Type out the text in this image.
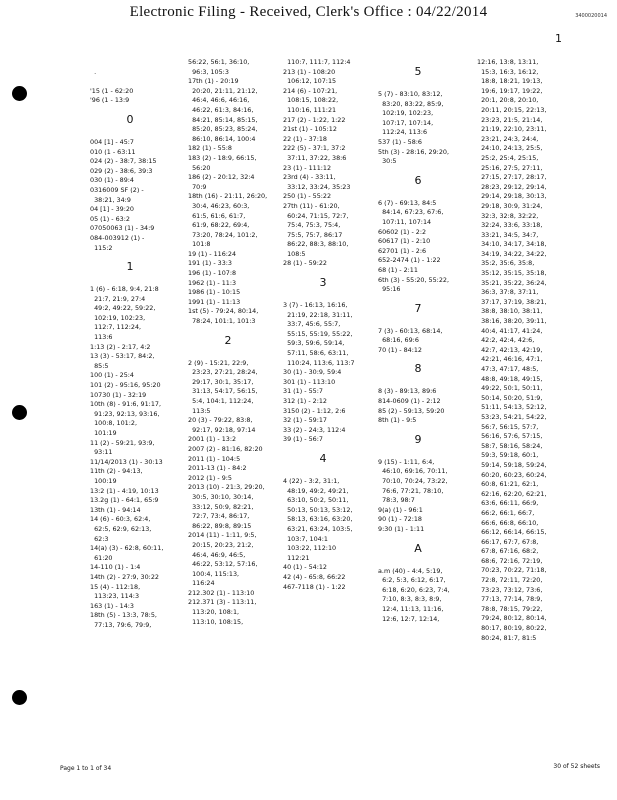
Electronic Filing - Received, Clerk's Office : 04/22/2014	3400020014
1
.
'15 (1 - 62:20
'96 (1 - 13:9
0
004 [1] - 45:7
010 (1 - 63:11
024 (2) - 38:7, 38:15
029 (2) - 38:6, 39:3
030 (1) - 89:4
0316009 SF (2) -
38:21, 34:9
04 [1] - 39:20
05 (1) - 63:2
07050063 (1) - 34:9
084-003912 (1) -
115:2
1
1 (6) - 6:18, 9:4, 21:8
21:7, 21:9, 27:4
49:2, 49:22, 59:22,
102:19, 102:23,
112:7, 112:24,
113:6
1:13 (2) - 2:17, 4:2
13 (3) - 53:17, 84:2,
85:5
100 (1) - 25:4
101 (2) - 95:16, 95:20
10730 (1) - 32:19
10th (8) - 91:6, 91:17,
91:23, 92:13, 93:16,
100:8, 101:2,
101:19
11 (2) - 59:21, 93:9,
93:11
11/14/2013 (1) - 30:13
11th (2) - 94:13,
100:19
13:2 (1) - 4:19, 10:13
13.2g (1) - 64:1, 65:9
13th (1) - 94:14
14 (6) - 60:3, 62:4,
62:5, 62:9, 62:13,
62:3
14(a) (3) - 62:8, 60:11,
61:20
14-110 (1) - 1:4
14th (2) - 27:9, 30:22
15 (4) - 112:18,
113:23, 114:3
163 (1) - 14:3
18th (5) - 13:3, 78:5,
77:13, 79:6, 79:9,
56:22, 56:1, 36:10,
96:3, 105:3
17th (1) - 20:19
20:20, 21:11, 21:12,
46:4, 46:6, 46:16,
46:22, 61:3, 84:16,
84:21, 85:14, 85:15,
85:20, 85:23, 85:24,
86:10, 86:14, 100:4
182 (1) - 55:8
183 (2) - 18:9, 66:15,
56:20
186 (2) - 20:12, 32:4
70:9
18th (16) - 21:11, 26:20,
30:4, 46:23, 60:3,
61:5, 61:6, 61:7,
61:9, 68:22, 69:4,
73:20, 78:24, 101:2,
101:8
19 (1) - 116:24
191 (1) - 33:3
196 (1) - 107:8
1962 (1) - 11:3
1986 (1) - 10:15
1991 (1) - 11:13
1st (5) - 79:24, 80:14,
78:24, 101:1, 101:3
2
2 (9) - 15:21, 22:9,
23:23, 27:21, 28:24,
29:17, 30:1, 35:17,
31:13, 54:17, 56:15,
5:4, 104:1, 112:24,
113:5
20 (3) - 79:22, 83:8,
92:17, 92:18, 97:14
2001 (1) - 13:2
2007 (2) - 81:16, 82:20
2011 (1) - 104:5
2011-13 (1) - 84:2
2012 (1) - 9:5
2013 (10) - 21:3, 29:20,
30:5, 30:10, 30:14,
33:12, 50:9, 82:21,
72:7, 73:4, 86:17,
86:22, 89:8, 89:15
2014 (11) - 1:11, 9:5,
20:15, 20:23, 21:2,
46:4, 46:9, 46:5,
46:22, 53:12, 57:16,
100:4, 115:13,
116:24
212.302 (1) - 113:10
212.371 (3) - 113:11,
113:20, 108:1,
113:10, 108:15,
110:7, 111:7, 112:4
213 (1) - 108:20
106:12, 107:15
214 (6) - 107:21,
108:15, 108:22,
110:16, 111:21
217 (2) - 1:22, 1:22
21st (1) - 105:12
22 (1) - 37:18
222 (5) - 37:1, 37:2
37:11, 37:22, 38:6
23 (1) - 111:12
23rd (4) - 33:11,
33:12, 33:24, 35:23
250 (1) - 55:22
27th (11) - 61:20,
60:24, 71:15, 72:7,
75:4, 75:3, 75:4,
75:5, 75:7, 86:17
86:22, 88:3, 88:10,
108:5
28 (1) - 59:22
3
3 (7) - 16:13, 16:16,
21:19, 22:18, 31:11,
33:7, 45:6, 55:7,
55:15, 55:19, 55:22,
59:3, 59:6, 59:14,
57:11, 58:6, 63:11,
110:24, 113:6, 113:7
30 (1) - 30:9, 59:4
301 (1) - 113:10
31 (1) - 55:7
312 (1) - 2:12
3150 (2) - 1:12, 2:6
32 (1) - 59:17
33 (2) - 24:3, 112:4
39 (1) - 56:7
4
4 (22) - 3:2, 31:1,
48:19, 49:2, 49:21,
63:10, 50:2, 50:11,
50:13, 50:13, 53:12,
58:13, 63:16, 63:20,
63:21, 63:24, 103:5,
103:7, 104:1
103:22, 112:10
112:21
40 (1) - 54:12
42 (4) - 65:8, 66:22
467-7118 (1) - 1:22
5
5 (7) - 83:10, 83:12,
83:20, 83:22, 85:9,
102:19, 102:23,
107:17, 107:14,
112:24, 113:6
537 (1) - 58:6
5th (3) - 28:16, 29:20,
30:5
6
6 (7) - 69:13, 84:5
84:14, 67:23, 67:6,
107:11, 107:14
60602 (1) - 2:2
60617 (1) - 2:10
62701 (1) - 2:6
652-2474 (1) - 1:22
68 (1) - 2:11
6th (3) - 55:20, 55:22,
95:16
7
7 (3) - 60:13, 68:14,
68:16, 69:6
70 (1) - 84:12
8
8 (3) - 89:13, 89:6
814-0609 (1) - 2:12
85 (2) - 59:13, 59:20
8th (1) - 9:5
9
9 (15) - 1:11, 6:4,
46:10, 69:16, 70:11,
70:10, 70:24, 73:22,
76:6, 77:21, 78:10,
78:3, 98:7
9(a) (1) - 96:1
90 (1) - 72:18
9:30 (1) - 1:11
A
a.m (40) - 4:4, 5:19,
6:2, 5:3, 6:12, 6:17,
6:18, 6:20, 6:23, 7:4,
7:10, 8:3, 8:3, 8:9,
12:4, 11:13, 11:16,
12:6, 12:7, 12:14,
12:16, 13:8, 13:11,
15:3, 16:3, 16:12,
18:8, 18:21, 19:13,
19:6, 19:17, 19:22,
20:1, 20:8, 20:10,
20:11, 20:15, 22:13,
23:23, 21:5, 21:14,
21:19, 22:10, 23:11,
23:21, 24:3, 24:4,
24:10, 24:13, 25:5,
25:2, 25:4, 25:15,
25:16, 27:5, 27:11,
27:15, 27:17, 28:17,
28:23, 29:12, 29:14,
29:14, 29:18, 30:13,
29:18, 30:9, 31:24,
32:3, 32:8, 32:22,
32:24, 33:6, 33:18,
33:21, 34:5, 34:7,
34:10, 34:17, 34:18,
34:19, 34:22, 34:22,
35:2, 35:6, 35:8,
35:12, 35:15, 35:18,
35:21, 35:22, 36:24,
36:3, 37:8, 37:11,
37:17, 37:19, 38:21,
38:8, 38:10, 38:11,
38:16, 38:20, 39:11,
40:4, 41:17, 41:24,
42:2, 42:4, 42:6,
42:7, 42:13, 42:19,
42:21, 46:16, 47:1,
47:3, 47:17, 48:5,
48:8, 49:18, 49:15,
49:22, 50:1, 50:11,
50:14, 50:20, 51:9,
51:11, 54:13, 52:12,
53:23, 54:21, 54:22,
56:7, 56:15, 57:7,
56:16, 57:6, 57:15,
58:7, 58:16, 58:24,
59:3, 59:18, 60:1,
59:14, 59:18, 59:24,
60:20, 60:23, 60:24,
60:8, 61:21, 62:1,
62:16, 62:20, 62:21,
63:6, 66:11, 66:9,
66:2, 66:1, 66:7,
66:6, 66:8, 66:10,
66:12, 66:14, 66:15,
66:17, 67:7, 67:8,
67:8, 67:16, 68:2,
68:6, 72:16, 72:19,
70:23, 70:22, 71:18,
72:8, 72:11, 72:20,
73:23, 73:12, 73:6,
77:13, 77:14, 78:9,
78:8, 78:15, 79:22,
79:24, 80:12, 80:14,
80:17, 80:19, 80:22,
80:24, 81:7, 81:5
Page 1 to 1 of 34	30 of 52 sheets
